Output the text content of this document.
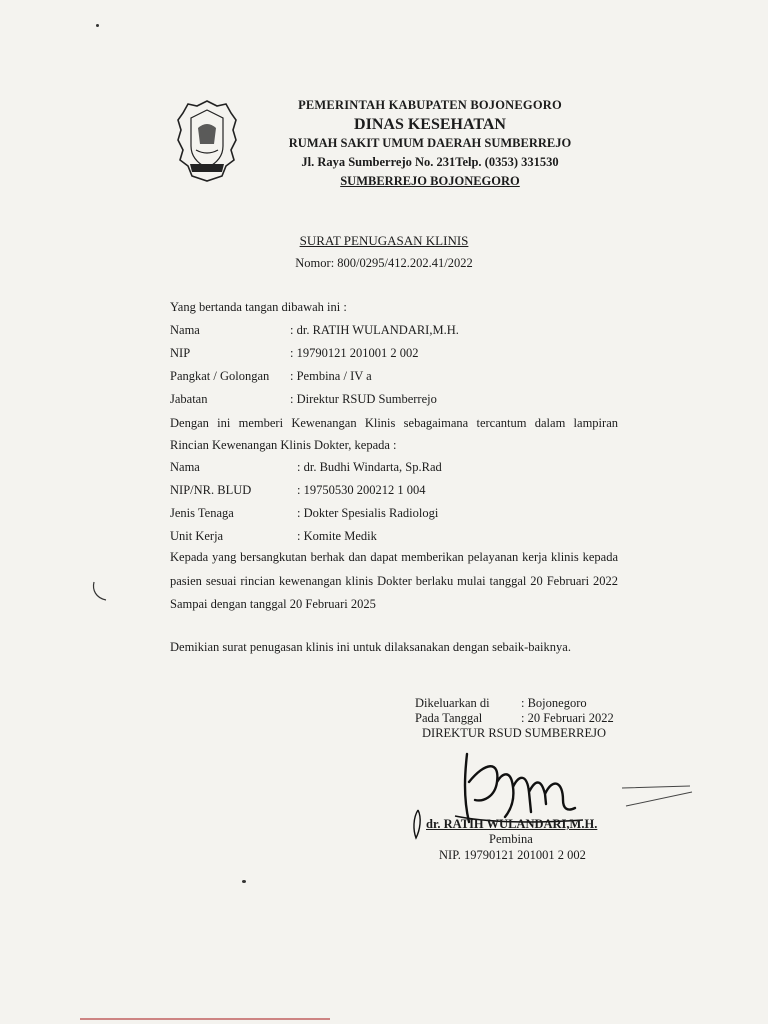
PEMERINTAH KABUPATEN BOJONEGORO
DINAS KESEHATAN
RUMAH SAKIT UMUM DAERAH SUMBERREJO
Jl. Raya Sumberrejo No. 231Telp. (0353) 331530
SUMBERREJO BOJONEGORO
SURAT PENUGASAN KLINIS
Nomor: 800/0295/412.202.41/2022
Yang bertanda tangan dibawah ini :
Nama	: dr. RATIH WULANDARI,M.H.
NIP	: 19790121 201001 2 002
Pangkat / Golongan : Pembina / IV a
Jabatan	: Direktur RSUD Sumberrejo
Dengan ini memberi Kewenangan Klinis sebagaimana tercantum dalam lampiran Rincian Kewenangan Klinis Dokter, kepada :
Nama	: dr. Budhi Windarta, Sp.Rad
NIP/NR. BLUD	: 19750530 200212 1 004
Jenis Tenaga	: Dokter Spesialis Radiologi
Unit Kerja	: Komite Medik
Kepada yang bersangkutan berhak dan dapat memberikan pelayanan kerja klinis kepada pasien sesuai rincian kewenangan klinis Dokter berlaku mulai tanggal 20 Februari 2022 Sampai dengan tanggal 20 Februari 2025
Demikian surat penugasan klinis ini untuk dilaksanakan dengan sebaik-baiknya.
Dikeluarkan di	: Bojonegoro
Pada Tanggal	: 20 Februari 2022
DIREKTUR RSUD SUMBERREJO
dr. RATIH WULANDARI,M.H.
Pembina
NIP. 19790121 201001 2 002
